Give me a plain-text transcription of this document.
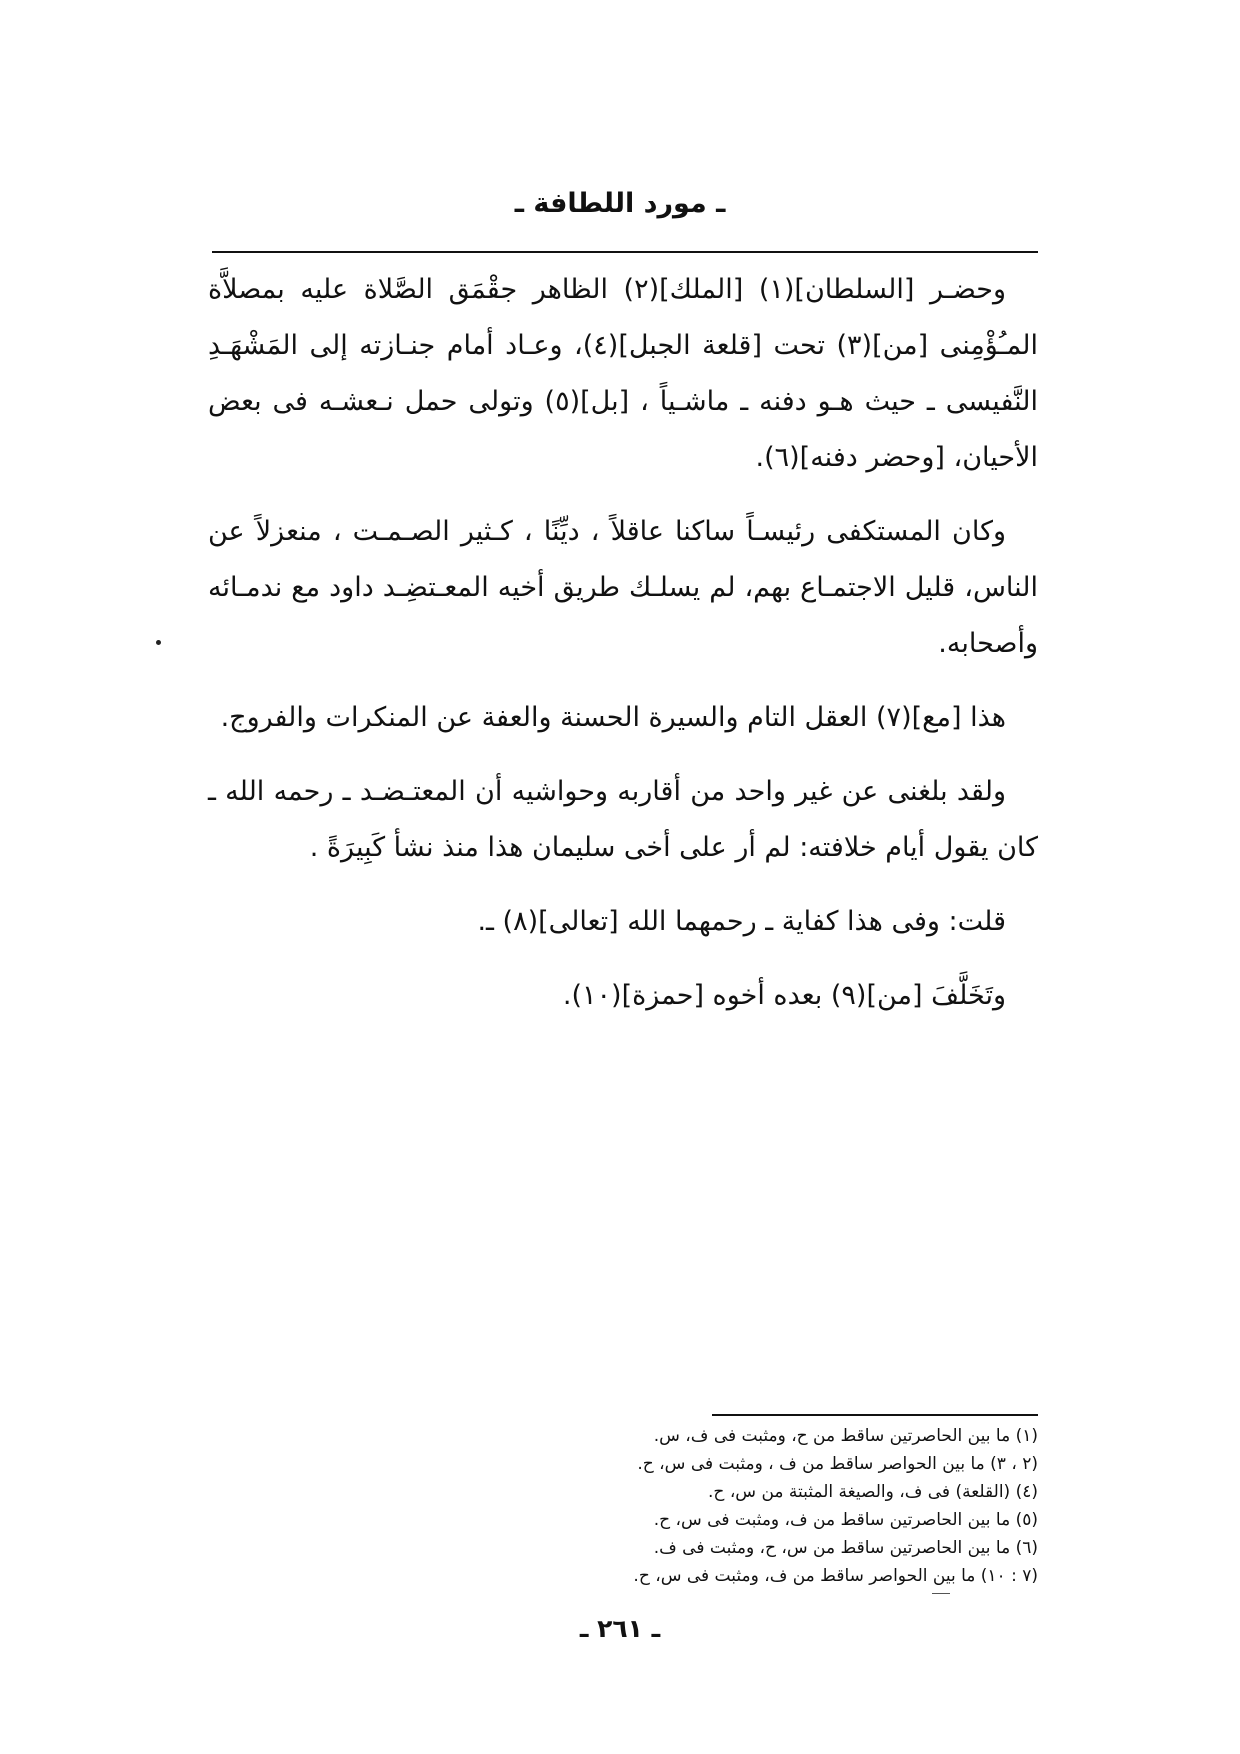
ـ مورد اللطافة ـ

وحضـر [السلطان](١) [الملك](٢) الظاهر جقْمَق الصَّلاة عليه بمصلاَّة المـُؤْمِنى [من](٣) تحت [قلعة الجبل](٤)، وعـاد أمام جنـازته إلى المَشْهَـدِ النَّفيسى ـ حيث هـو دفنه ـ ماشـياً ، [بل](٥) وتولى حمل نـعشـه فى بعض الأحيان، [وحضر دفنه](٦).

وكان المستكفى رئيسـاً ساكنا عاقلاً ، ديِّنًا ، كـثير الصـمـت ، منعزلاً عن الناس، قليل الاجتمـاع بهم، لم يسلـك طريق أخيه المعـتضِـد داود مع ندمـائه وأصحابه.

هذا [مع](٧) العقل التام والسيرة الحسنة والعفة عن المنكرات والفروج.

ولقد بلغنى عن غير واحد من أقاربه وحواشيه أن المعتـضـد ـ رحمه الله ـ كان يقول أيام خلافته: لم أر على أخى سليمان هذا منذ نشأ كَبِيرَةً .

قلت: وفى هذا كفاية ـ رحمهما الله [تعالى](٨) ـ.

وتَخَلَّفَ [من](٩) بعده أخوه [حمزة](١٠).

(١) ما بين الحاصرتين ساقط من ح، ومثبت فى ف، س.

(٢ ، ٣) ما بين الحواصر ساقط من ف ، ومثبت فى س، ح.

(٤) (القلعة) فى ف، والصيغة المثبتة من س، ح.

(٥) ما بين الحاصرتين ساقط من ف، ومثبت فى س، ح.

(٦) ما بين الحاصرتين ساقط من س، ح، ومثبت فى ف.

(٧ : ١٠) ما بين الحواصر ساقط من ف، ومثبت فى س، ح.

ـ ٢٦١ ـ
